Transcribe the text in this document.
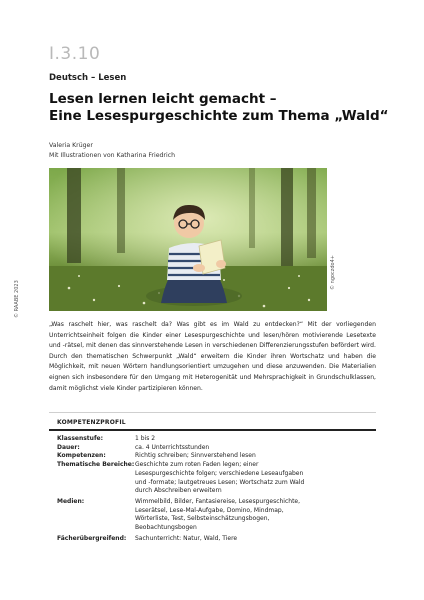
I.3.10
Deutsch – Lesen
Lesen lernen leicht gemacht –
Eine Lesespurgeschichte zum Thema „Wald“
Valeria Krüger
Mit Illustrationen von Katharina Friedrich
© ngoczdo4+
© RAABE 2023
„Was raschelt hier, was raschelt da? Was gibt es im Wald zu entdecken?“ Mit der vorliegenden Unterrichtseinheit folgen die Kinder einer Lesespurgeschichte und lesen/hören motivierende Lesetexte und -rätsel, mit denen das sinnverstehende Lesen in verschiedenen Differenzierungsstufen befördert wird. Durch den thematischen Schwerpunkt „Wald“ erweitern die Kinder ihren Wortschatz und haben die Möglichkeit, mit neuen Wörtern handlungsorientiert umzugehen und diese anzuwenden. Die Materialien eignen sich insbesondere für den Umgang mit Heterogenität und Mehrsprachigkeit in Grundschulklassen, damit möglichst viele Kinder partizipieren können.
KOMPETENZPROFIL
Klassenstufe:	1 bis 2
Dauer:	ca. 4 Unterrichtsstunden
Kompetenzen:	Richtig schreiben; Sinnverstehend lesen
Thematische Bereiche: Geschichte zum roten Faden legen; einer Lesespurgeschichte folgen; verschiedene Leseaufgaben und -formate; lautgetreues Lesen; Wortschatz zum Wald durch Abschreiben erweitern
Medien:	Wimmelbild, Bilder, Fantasiereise, Lesespurgeschichte, Leserätsel, Lese-Mal-Aufgabe, Domino, Mindmap, Wörterliste, Test, Selbsteinschätzungsbogen, Beobachtungsbogen
Fächerübergreifend:	Sachunterricht: Natur, Wald, Tiere
